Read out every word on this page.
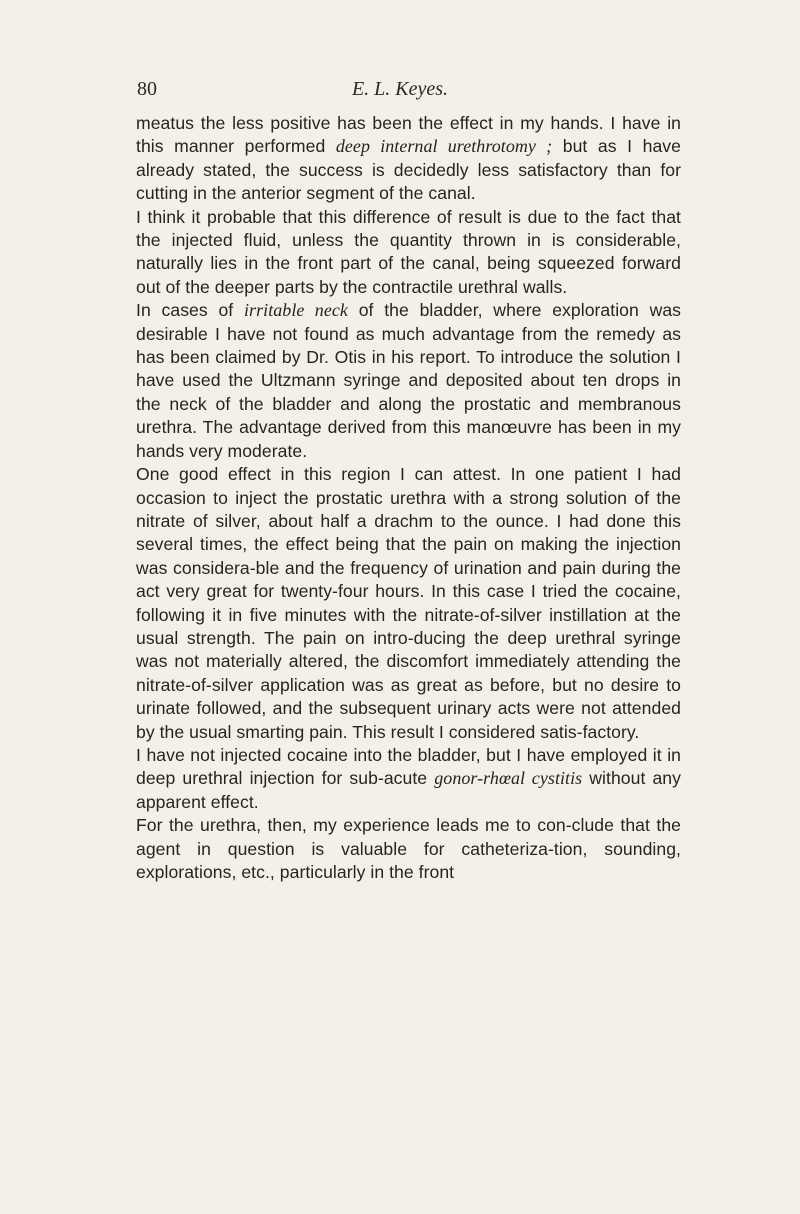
80	E. L. Keyes.

meatus the less positive has been the effect in my hands. I have in this manner performed deep internal urethrotomy ; but as I have already stated, the success is decidedly less satisfactory than for cutting in the anterior segment of the canal.

I think it probable that this difference of result is due to the fact that the injected fluid, unless the quantity thrown in is considerable, naturally lies in the front part of the canal, being squeezed forward out of the deeper parts by the contractile urethral walls.

In cases of irritable neck of the bladder, where exploration was desirable I have not found as much advantage from the remedy as has been claimed by Dr. Otis in his report. To introduce the solution I have used the Ultzmann syringe and deposited about ten drops in the neck of the bladder and along the prostatic and membranous urethra. The advantage derived from this manœuvre has been in my hands very moderate.

One good effect in this region I can attest. In one patient I had occasion to inject the prostatic urethra with a strong solution of the nitrate of silver, about half a drachm to the ounce. I had done this several times, the effect being that the pain on making the injection was considera-ble and the frequency of urination and pain during the act very great for twenty-four hours. In this case I tried the cocaine, following it in five minutes with the nitrate-of-silver instillation at the usual strength. The pain on intro-ducing the deep urethral syringe was not materially altered, the discomfort immediately attending the nitrate-of-silver application was as great as before, but no desire to urinate followed, and the subsequent urinary acts were not attended by the usual smarting pain. This result I considered satis-factory.

I have not injected cocaine into the bladder, but I have employed it in deep urethral injection for sub-acute gonor-rhœal cystitis without any apparent effect.

For the urethra, then, my experience leads me to con-clude that the agent in question is valuable for catheteriza-tion, sounding, explorations, etc., particularly in the front
